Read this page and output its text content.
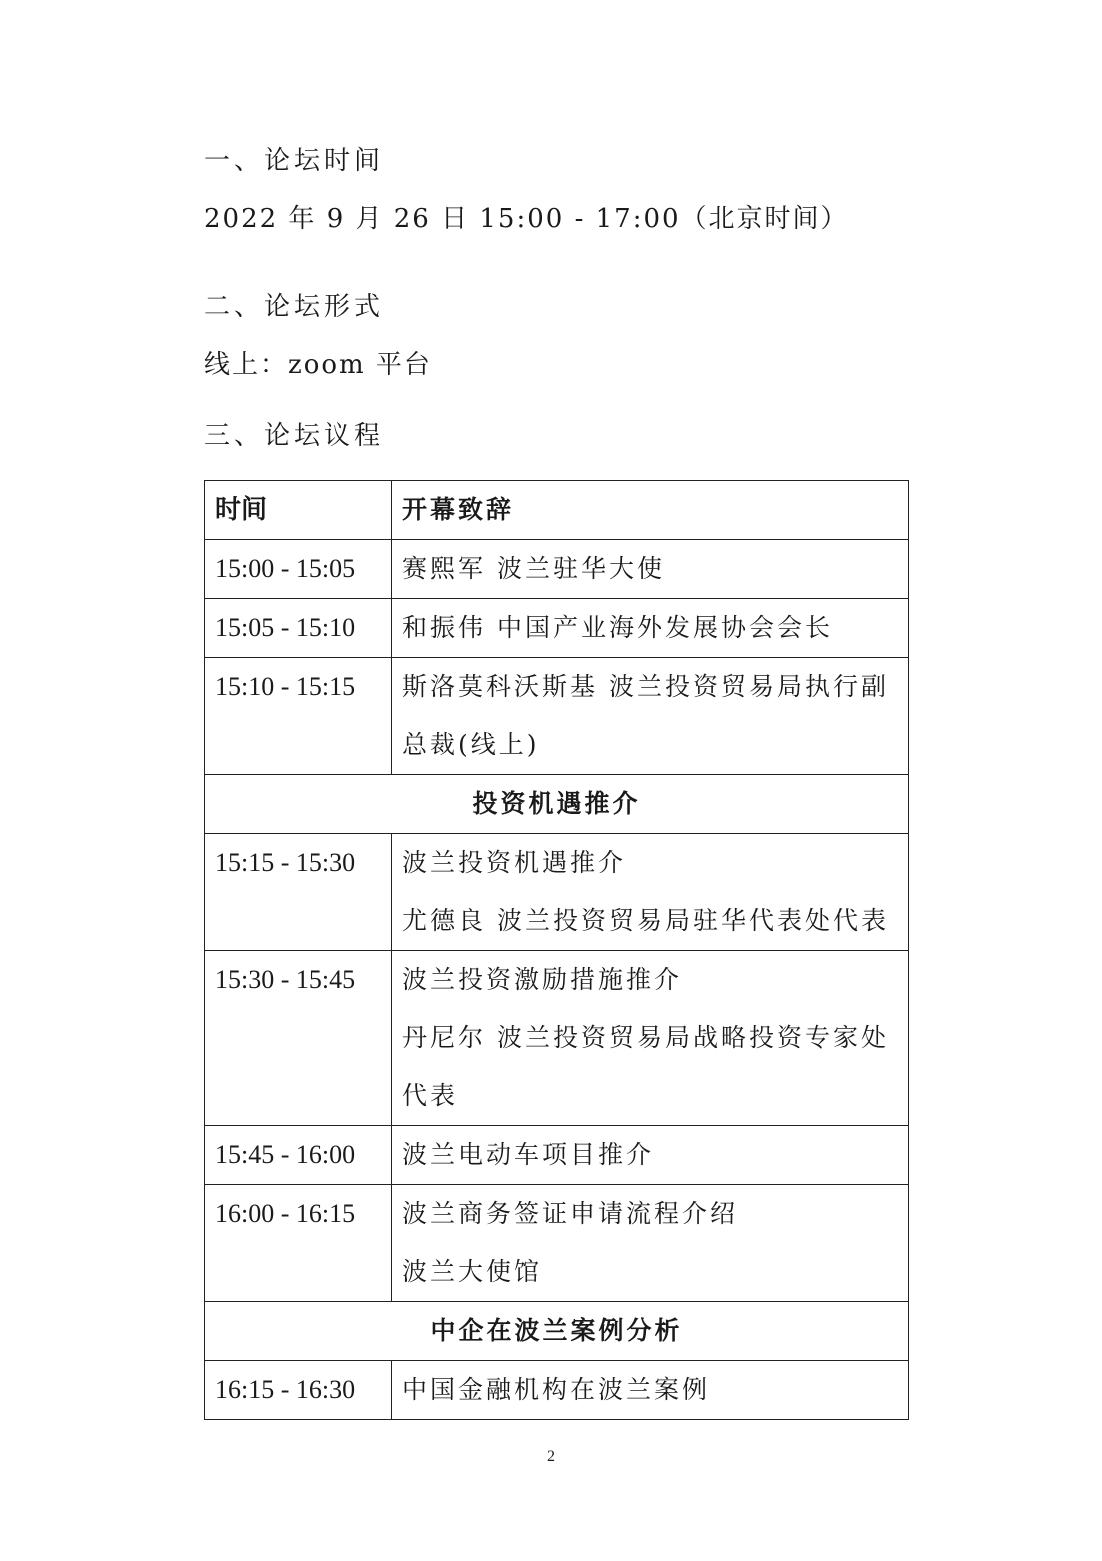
一、论坛时间
2022 年 9 月 26 日 15:00 - 17:00（北京时间）
二、论坛形式
线上：zoom 平台
三、论坛议程
时间	开幕致辞
15:00 - 15:05	赛熙军 波兰驻华大使

15:05 - 15:10	和振伟 中国产业海外发展协会会长

15:10 - 15:15	斯洛莫科沃斯基 波兰投资贸易局执行副
总裁(线上)

投资机遇推介	
15:15 - 15:30	波兰投资机遇推介
尤德良 波兰投资贸易局驻华代表处代表

15:30 - 15:45	波兰投资激励措施推介
丹尼尔 波兰投资贸易局战略投资专家处
代表

15:45 - 16:00	波兰电动车项目推介

16:00 - 16:15	波兰商务签证申请流程介绍
波兰大使馆

中企在波兰案例分析	
16:15 - 16:30	中国金融机构在波兰案例
2
